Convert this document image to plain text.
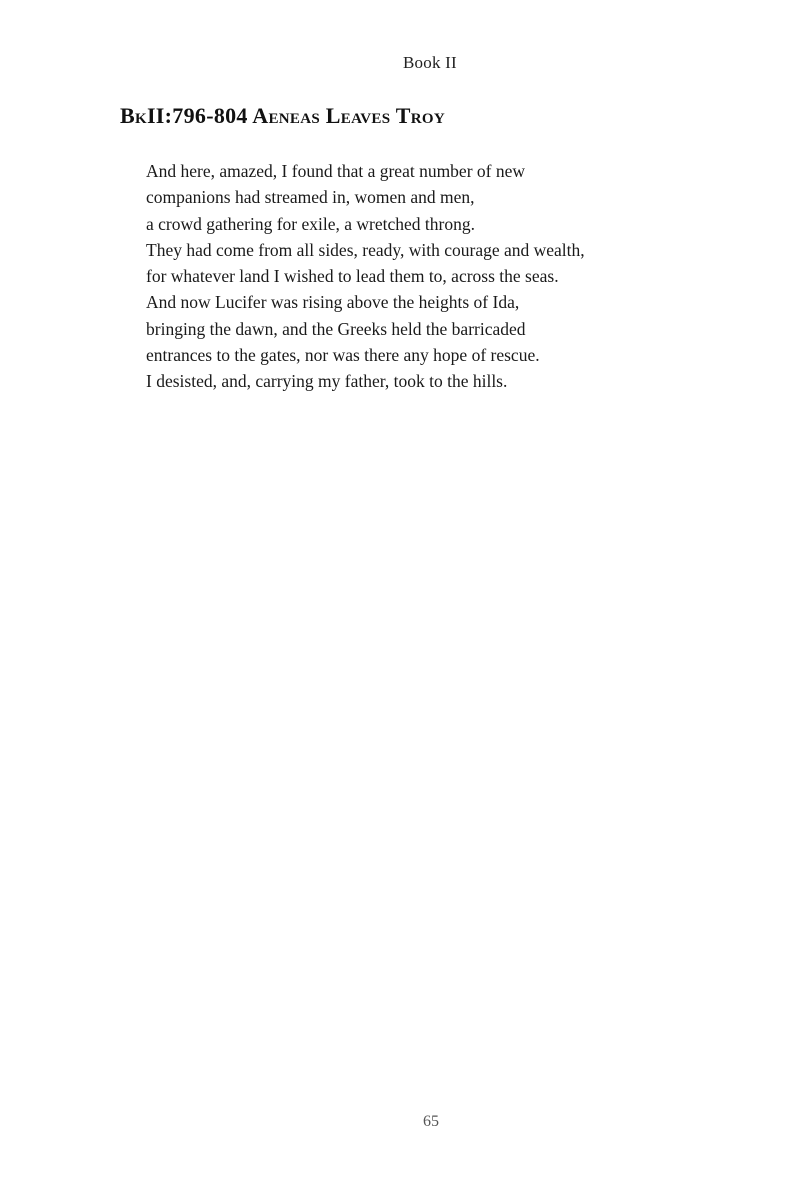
Book II
BkII:796-804 Aeneas Leaves Troy
And here, amazed, I found that a great number of new
companions had streamed in, women and men,
a crowd gathering for exile, a wretched throng.
They had come from all sides, ready, with courage and wealth,
for whatever land I wished to lead them to, across the seas.
And now Lucifer was rising above the heights of Ida,
bringing the dawn, and the Greeks held the barricaded
entrances to the gates, nor was there any hope of rescue.
I desisted, and, carrying my father, took to the hills.
65
